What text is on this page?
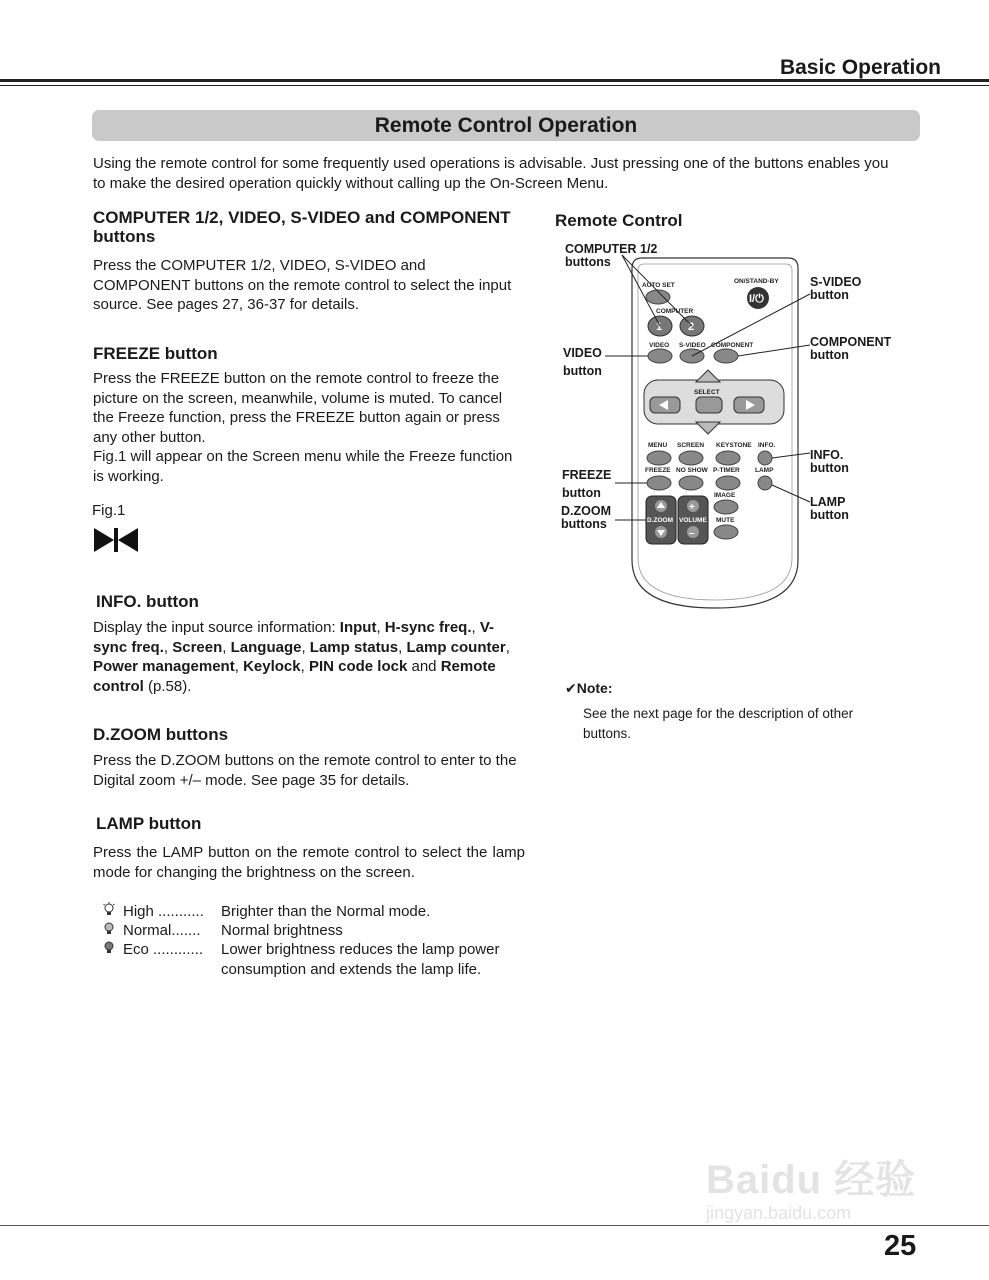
Basic Operation
Remote Control Operation
Using the remote control for some frequently used operations is advisable. Just pressing one of the buttons enables you to make the desired operation quickly without calling up the On-Screen Menu.
COMPUTER 1/2, VIDEO, S-VIDEO and COMPONENT buttons
Press the COMPUTER 1/2, VIDEO, S-VIDEO and COMPONENT buttons on the remote control to select the input source. See pages 27, 36-37 for details.
FREEZE button
Press the FREEZE button on the remote control to freeze the picture on the screen, meanwhile, volume is muted. To cancel the Freeze function, press the FREEZE button again or press any other button.
Fig.1 will appear on the Screen menu while the Freeze function is working.
Fig.1
INFO. button
Display the input source information: Input, H-sync freq., V-sync freq., Screen, Language, Lamp status, Lamp counter, Power management, Keylock, PIN code lock and Remote control (p.58).
D.ZOOM buttons
Press the D.ZOOM buttons on the remote control to enter to the Digital zoom +/– mode. See page 35 for details.
LAMP button
Press the LAMP button on the remote control to select the lamp mode for changing the brightness on the screen.
High ........... Brighter than the Normal mode.
Normal....... Normal brightness
Eco ............ Lower brightness reduces the lamp power consumption and extends the lamp life.
Remote Control
COMPUTER 1/2
buttons
VIDEO
button
FREEZE
button
D.ZOOM
buttons
S-VIDEO
button
COMPONENT
button
INFO.
button
LAMP
button
AUTO SET
ON/STAND-BY
I/⏻
COMPUTER
1 2
VIDEO S-VIDEO COMPONENT
SELECT
MENU SCREEN KEYSTONE INFO.
FREEZE NO SHOW P-TIMER LAMP
+
–
D.ZOOM VOLUME
IMAGE
MUTE
✔Note:
See the next page for the description of other buttons.
Baidu 经验
jingyan.baidu.com
25
